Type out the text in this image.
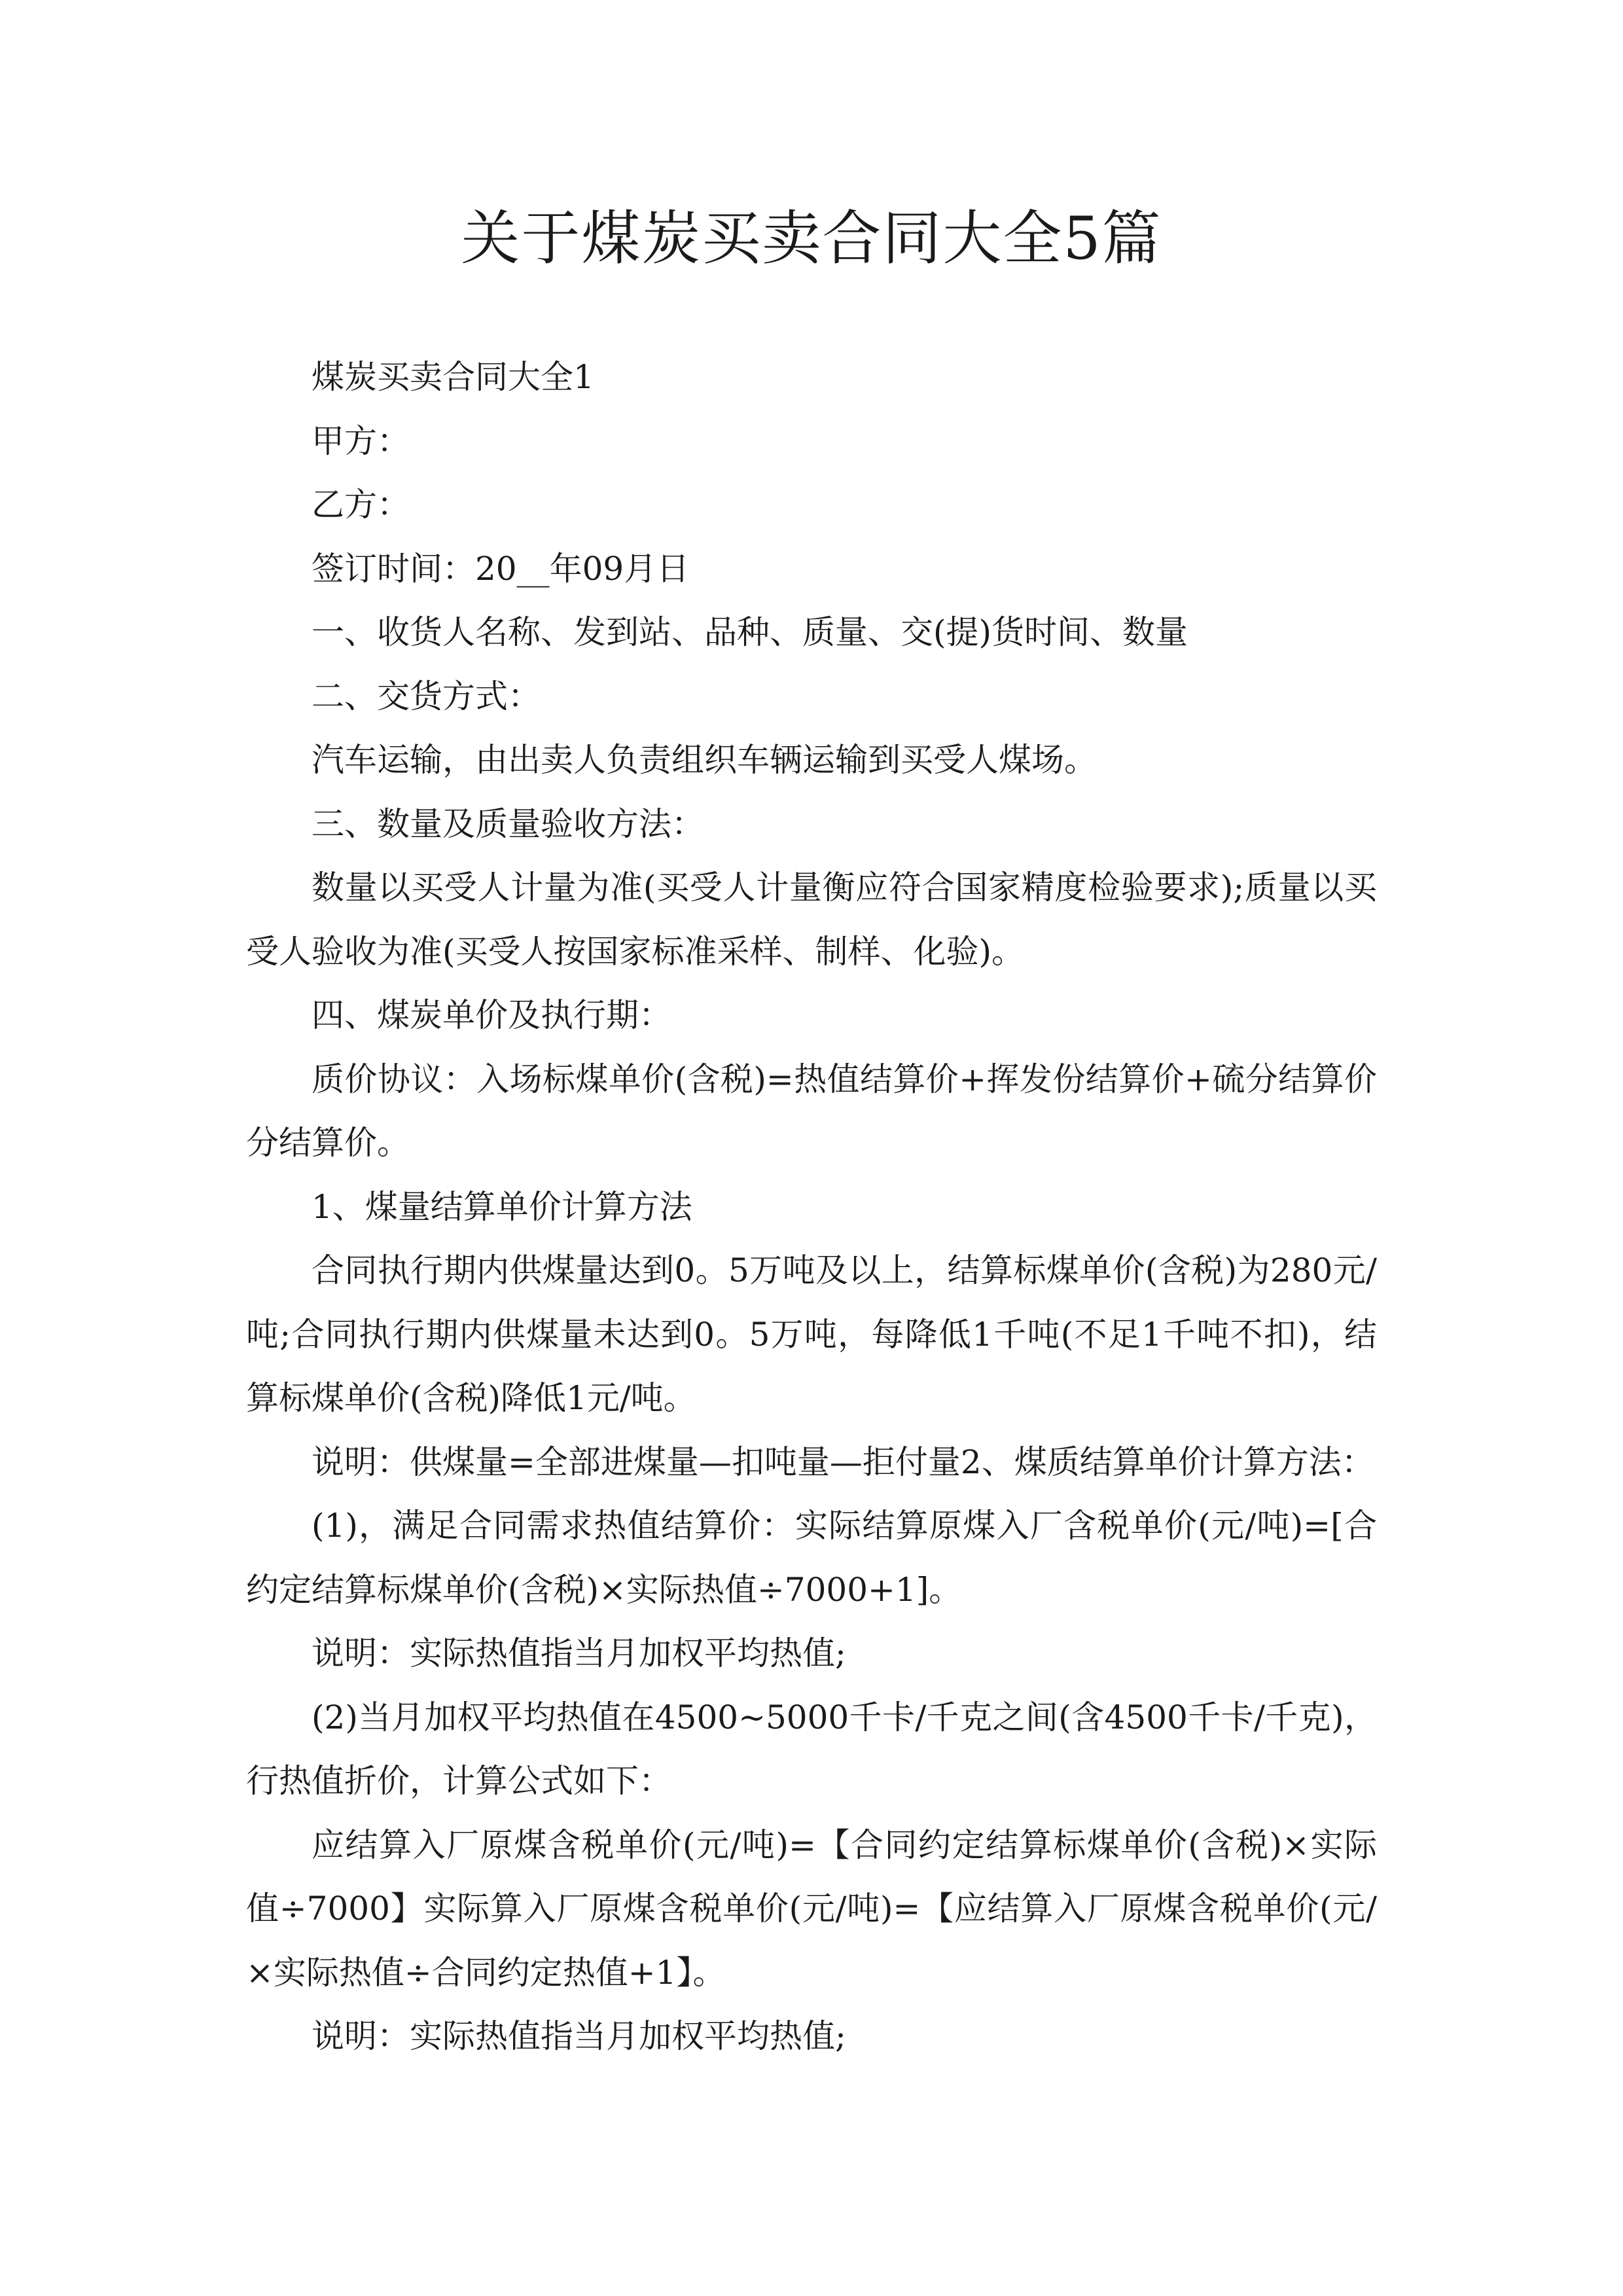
关于煤炭买卖合同大全5篇
煤炭买卖合同大全1
甲方：
乙方：
签订时间：20__年09月日
一、收货人名称、发到站、品种、质量、交(提)货时间、数量
二、交货方式：
汽车运输，由出卖人负责组织车辆运输到买受人煤场。
三、数量及质量验收方法：
数量以买受人计量为准(买受人计量衡应符合国家精度检验要求);质量以买
受人验收为准(买受人按国家标准采样、制样、化验)。
四、煤炭单价及执行期：
质价协议：入场标煤单价(含税)=热值结算价+挥发份结算价+硫分结算价
分结算价。
1、煤量结算单价计算方法
合同执行期内供煤量达到0。5万吨及以上，结算标煤单价(含税)为280元/
吨;合同执行期内供煤量未达到0。5万吨，每降低1千吨(不足1千吨不扣)，结
算标煤单价(含税)降低1元/吨。
说明：供煤量=全部进煤量—扣吨量—拒付量2、煤质结算单价计算方法：
(1)，满足合同需求热值结算价：实际结算原煤入厂含税单价(元/吨)=[合
约定结算标煤单价(含税)×实际热值÷7000+1]。
说明：实际热值指当月加权平均热值;
(2)当月加权平均热值在4500~5000千卡/千克之间(含4500千卡/千克)，
行热值折价，计算公式如下：
应结算入厂原煤含税单价(元/吨)=【合同约定结算标煤单价(含税)×实际
值÷7000】实际算入厂原煤含税单价(元/吨)=【应结算入厂原煤含税单价(元/
×实际热值÷合同约定热值+1】。
说明：实际热值指当月加权平均热值;
